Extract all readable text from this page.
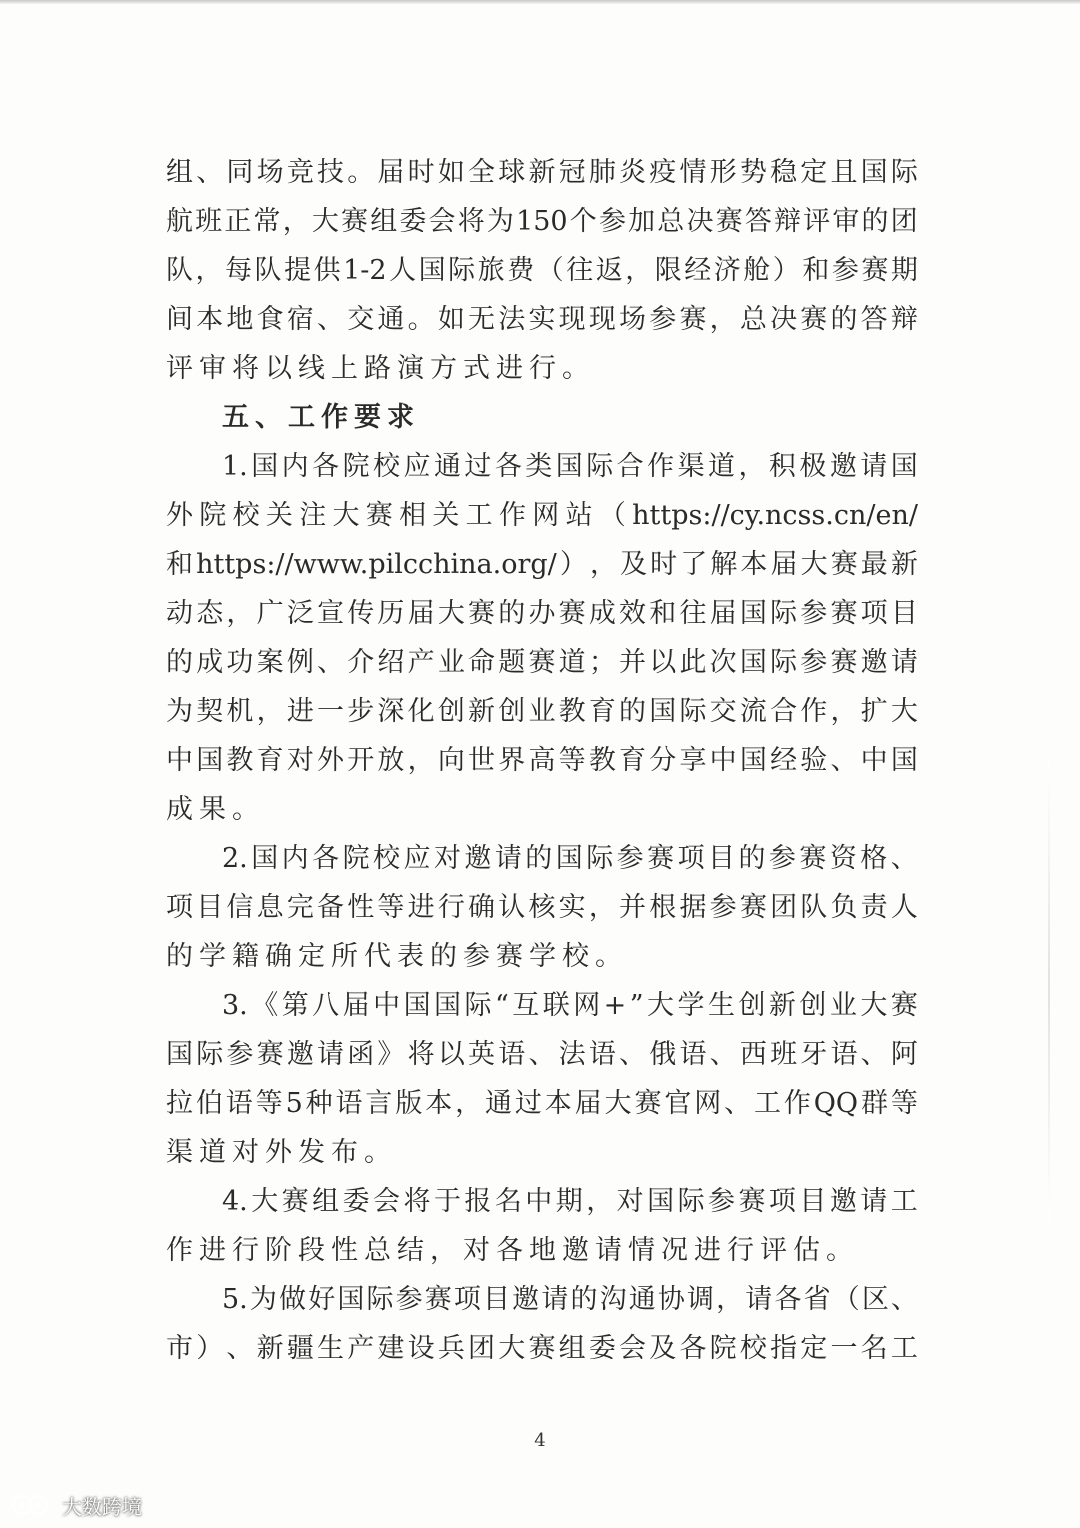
组 、 同 场 竞 技 。 届 时 如 全 球 新 冠 肺 炎 疫 情 形 势 稳 定 且 国 际
航 班 正 常 ， 大 赛 组 委 会 将 为 150 个 参 加 总 决 赛 答 辩 评 审 的 团
队 ， 每 队 提 供 1-2 人 国 际 旅 费 （ 往 返 ， 限 经 济 舱 ） 和 参 赛 期
间 本 地 食 宿 、 交 通 。 如 无 法 实 现 现 场 参 赛 ， 总 决 赛 的 答 辩
评审将以线上路演方式进行。
五、工作要求
1. 国 内 各 院 校 应 通 过 各 类 国 际 合 作 渠 道 ， 积 极 邀 请 国
外 院 校 关 注 大 赛 相 关 工 作 网 站 （ https://cy.ncss.cn/en/
和 https://www.pilcchina.org/ ） ， 及 时 了 解 本 届 大 赛 最 新
动 态 ， 广 泛 宣 传 历 届 大 赛 的 办 赛 成 效 和 往 届 国 际 参 赛 项 目
的 成 功 案 例 、 介 绍 产 业 命 题 赛 道 ； 并 以 此 次 国 际 参 赛 邀 请
为 契 机 ， 进 一 步 深 化 创 新 创 业 教 育 的 国 际 交 流 合 作 ， 扩 大
中 国 教 育 对 外 开 放 ， 向 世 界 高 等 教 育 分 享 中 国 经 验 、 中 国
成果。
2. 国 内 各 院 校 应 对 邀 请 的 国 际 参 赛 项 目 的 参 赛 资 格 、
项 目 信 息 完 备 性 等 进 行 确 认 核 实 ， 并 根 据 参 赛 团 队 负 责 人
的学籍确定所代表的参赛学校。
3. 《 第 八 届 中 国 国 际 “ 互 联 网 + ” 大 学 生 创 新 创 业 大 赛
国 际 参 赛 邀 请 函 》 将 以 英 语 、 法 语 、 俄 语 、 西 班 牙 语 、 阿
拉 伯 语 等 5 种 语 言 版 本 ， 通 过 本 届 大 赛 官 网 、 工 作 QQ 群 等
渠道对外发布。
4. 大 赛 组 委 会 将 于 报 名 中 期 ， 对 国 际 参 赛 项 目 邀 请 工
作进行阶段性总结，对各地邀请情况进行评估。
5. 为 做 好 国 际 参 赛 项 目 邀 请 的 沟 通 协 调 ， 请 各 省 （ 区 、
市 ） 、 新 疆 生 产 建 设 兵 团 大 赛 组 委 会 及 各 院 校 指 定 一 名 工
4
大数跨境
